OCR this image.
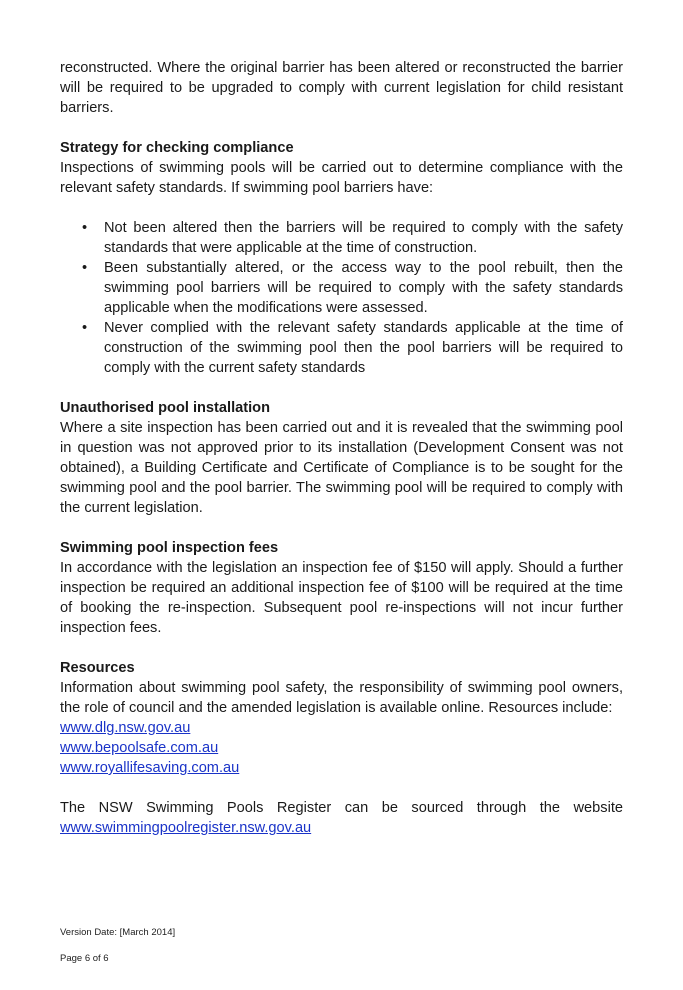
reconstructed. Where the original barrier has been altered or reconstructed the barrier will be required to be upgraded to comply with current legislation for child resistant barriers.

Strategy for checking compliance

Inspections of swimming pools will be carried out to determine compliance with the relevant safety standards. If swimming pool barriers have:

• Not been altered then the barriers will be required to comply with the safety standards that were applicable at the time of construction.
• Been substantially altered, or the access way to the pool rebuilt, then the swimming pool barriers will be required to comply with the safety standards applicable when the modifications were assessed.
• Never complied with the relevant safety standards applicable at the time of construction of the swimming pool then the pool barriers will be required to comply with the current safety standards
Unauthorised pool installation

Where a site inspection has been carried out and it is revealed that the swimming pool in question was not approved prior to its installation (Development Consent was not obtained), a Building Certificate and Certificate of Compliance is to be sought for the swimming pool and the pool barrier. The swimming pool will be required to comply with the current legislation.

Swimming pool inspection fees

In accordance with the legislation an inspection fee of $150 will apply. Should a further inspection be required an additional inspection fee of $100 will be required at the time of booking the re-inspection. Subsequent pool re-inspections will not incur further inspection fees.

Resources

Information about swimming pool safety, the responsibility of swimming pool owners, the role of council and the amended legislation is available online. Resources include:

www.dlg.nsw.gov.au
www.bepoolsafe.com.au
www.royallifesaving.com.au

The NSW Swimming Pools Register can be sourced through the website

www.swimmingpoolregister.nsw.gov.au
Version Date: [March 2014]
Page 6 of 6
